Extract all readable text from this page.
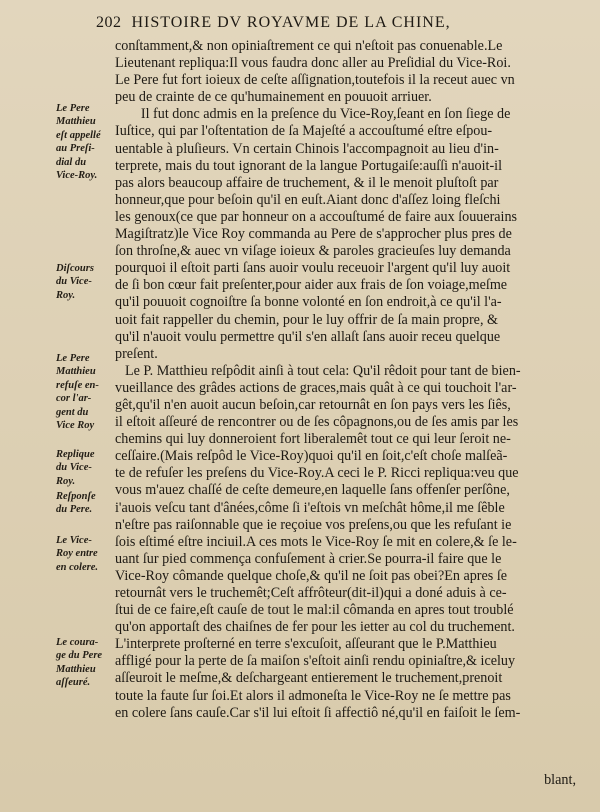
202 HISTOIRE DV ROYAVME DE LA CHINE,
conſtamment,& non opiniaſtrement ce qui n'eſtoit pas conuenable.Le
Lieutenant repliqua:Il vous faudra donc aller au Preſidial du Vice-Roi.
Le Pere fut fort ioieux de ceſte aſſignation,toutefois il la receut auec vn
peu de crainte de ce qu'humainement en pouuoit arriuer.
Il fut donc admis en la preſence du Vice-Roy,ſeant en ſon ſiege de
Iuſtice, qui par l'oſtentation de ſa Majeſté a accouſtumé eſtre eſpou-
uentable à pluſieurs. Vn certain Chinois l'accompagnoit au lieu d'in-
terprete, mais du tout ignorant de la langue Portugaiſe:auſſi n'auoit-il
pas alors beaucoup affaire de truchement, & il le menoit pluſtoſt par
honneur,que pour beſoin qu'il en euſt.Aiant donc d'aſſez loing fleſchi
les genoux(ce que par honneur on a accouſtumé de faire aux ſouuerains
Magiſtratz)le Vice Roy commanda au Pere de s'approcher plus pres de
ſon throſne,& auec vn viſage ioieux & paroles gracieuſes luy demanda
pourquoi il eſtoit parti ſans auoir voulu receuoir l'argent qu'il luy auoit
de ſi bon cœur fait preſenter,pour aider aux frais de ſon voiage,meſme
qu'il pouuoit cognoiſtre ſa bonne volonté en ſon endroit,à ce qu'il l'a-
uoit fait rappeller du chemin, pour le luy offrir de ſa main propre, &
qu'il n'auoit voulu permettre qu'il s'en allaſt ſans auoir receu quelque
preſent.
Le P. Matthieu reſpôdit ainſi à tout cela: Qu'il rêdoit pour tant de bien-
vueillance des grâdes actions de graces,mais quât à ce qui touchoit l'ar-
gêt,qu'il n'en auoit aucun beſoin,car retournât en ſon pays vers les ſiês,
il eſtoit aſſeuré de rencontrer ou de ſes côpagnons,ou de ſes amis par les
chemins qui luy donneroient fort liberalemêt tout ce qui leur ſeroit ne-
ceſſaire.(Mais reſpôd le Vice-Roy)quoi qu'il en ſoit,c'eſt choſe malſeã-
te de refuſer les preſens du Vice-Roy.A ceci le P. Ricci repliqua:veu que
vous m'auez chaſſé de ceſte demeure,en laquelle ſans offenſer perſône,
i'auois veſcu tant d'ânées,côme ſi i'eſtois vn meſchât hôme,il me ſêble
n'eſtre pas raiſonnable que ie reçoiue vos preſens,ou que les refuſant ie
ſois eſtimé eſtre inciuil.A ces mots le Vice-Roy ſe mit en colere,& ſe le-
uant ſur pied commença confuſement à crier.Se pourra-il faire que le
Vice-Roy cômande quelque choſe,& qu'il ne ſoit pas obei?En apres ſe
retournât vers le truchemêt;Ceſt affrôteur(dit-il)qui a doné aduis à ce-
ſtui de ce faire,eſt cauſe de tout le mal:il cômanda en apres tout troublé
qu'on apportaſt des chaiſnes de fer pour les ietter au col du truchement.
L'interprete proſterné en terre s'excuſoit, aſſeurant que le P.Matthieu
affligé pour la perte de ſa maiſon s'eſtoit ainſi rendu opiniaſtre,& iceluy
aſſeuroit le meſme,& deſchargeant entierement le truchement,prenoit
toute la faute ſur ſoi.Et alors il admoneſta le Vice-Roy ne ſe mettre pas
en colere ſans cauſe.Car s'il lui eſtoit ſi affectiô né,qu'il en faiſoit le ſem-
Le Pere
Matthieu
eſt appellé
au Preſi-
dial du
Vice-Roy.
Diſcours
du Vice-
Roy.
Le Pere
Matthieu
refuſe en-
cor l'ar-
gent du
Vice Roy
Replique
du Vice-
Roy.
Reſponſe
du Pere.
Le Vice-
Roy entre
en colere.
Le coura-
ge du Pere
Matthieu
aſſeuré.
blant,
